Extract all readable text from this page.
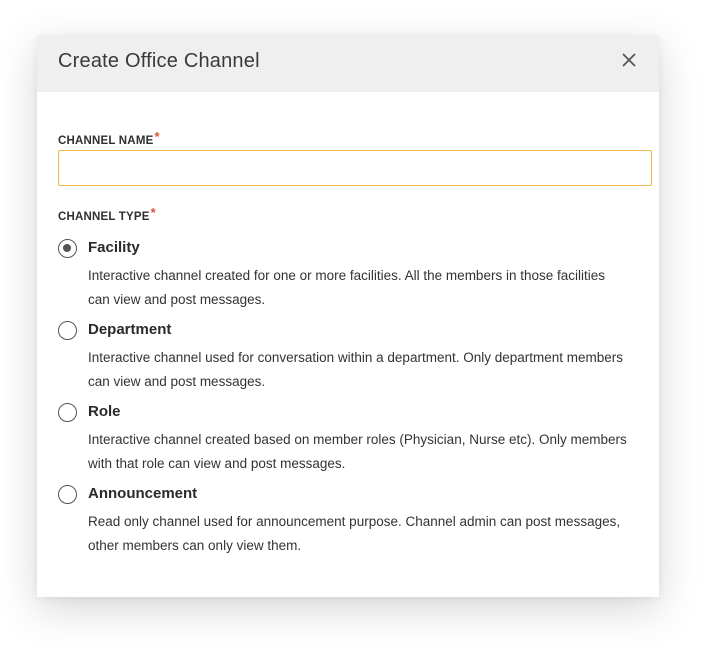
Create Office Channel
CHANNEL NAME*
CHANNEL TYPE*
Facility
Interactive channel created for one or more facilities. All the members in those facilities can view and post messages.
Department
Interactive channel used for conversation within a department. Only department members can view and post messages.
Role
Interactive channel created based on member roles (Physician, Nurse etc). Only members with that role can view and post messages.
Announcement
Read only channel used for announcement purpose. Channel admin can post messages, other members can only view them.
